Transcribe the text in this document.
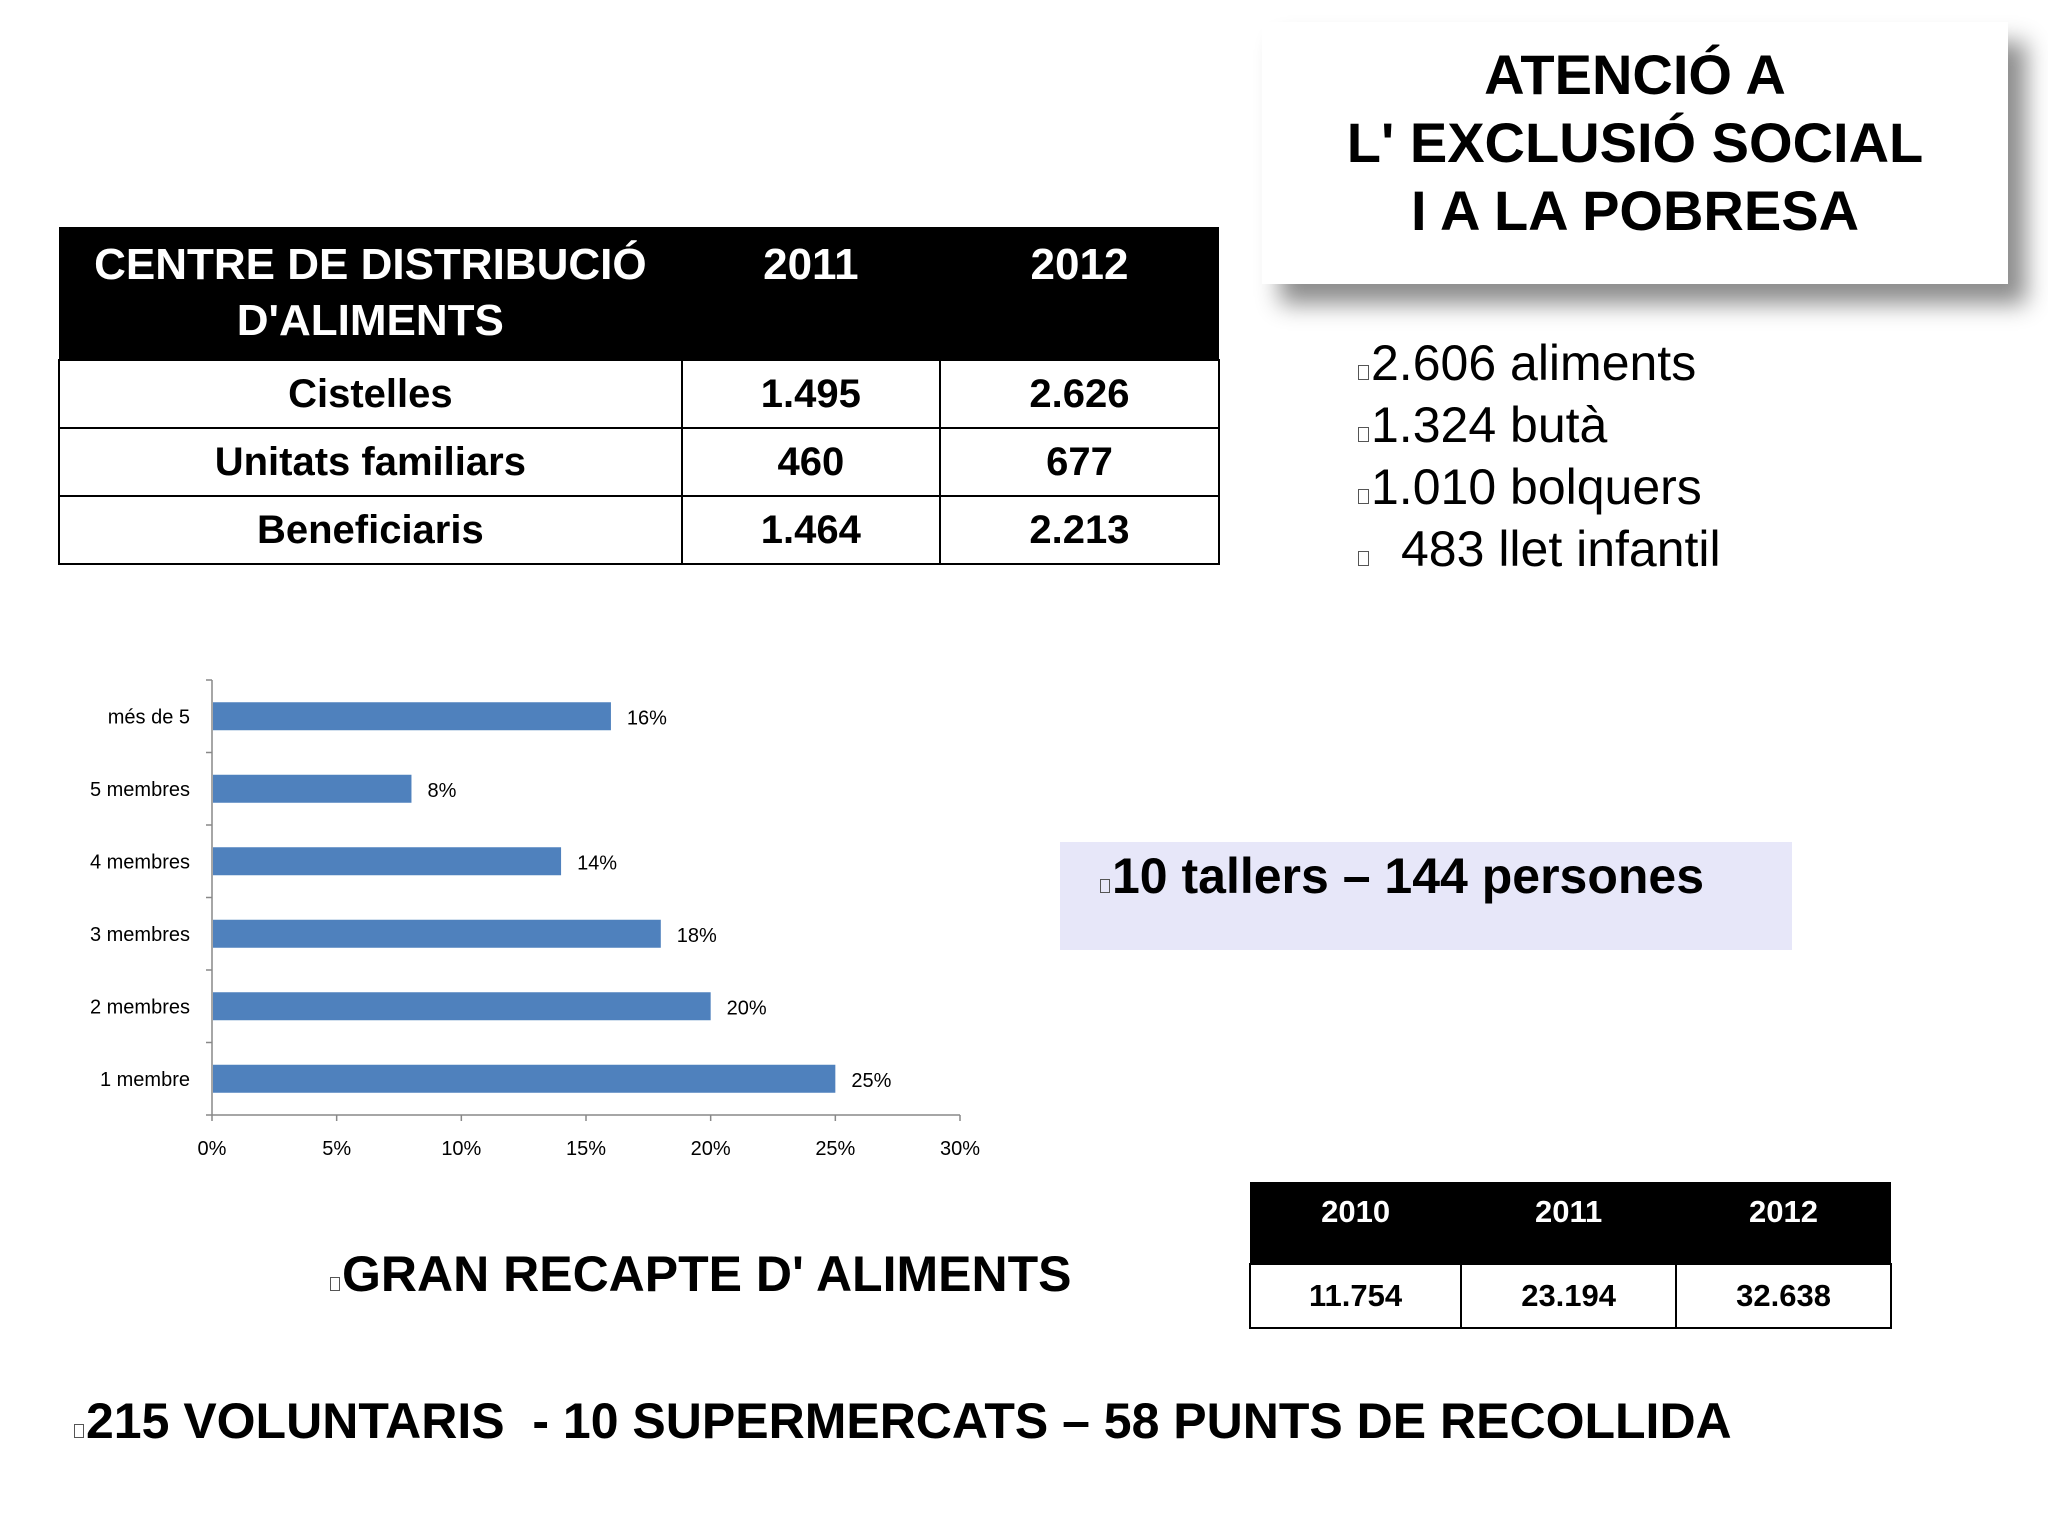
ATENCIÓ A
L' EXCLUSIÓ SOCIAL
I A LA POBRESA
CENTRE DE DISTRIBUCIÓ
D'ALIMENTS	2011	2012
Cistelles	1.495	2.626
Unitats familiars	460	677
Beneficiaris	1.464	2.213
2.606 aliments
1.324 butà
1.010 bolquers
483 llet infantil
0%	5%	10%	15%	20%	25%	30%
més de 5	16%
5 membres	8%
4 membres	14%
3 membres	18%
2 membres	20%
1 membre	25%
10 tallers – 144 persones
GRAN RECAPTE D' ALIMENTS
2010	2011	2012
11.754	23.194	32.638
215 VOLUNTARIS  - 10 SUPERMERCATS – 58 PUNTS DE RECOLLIDA
